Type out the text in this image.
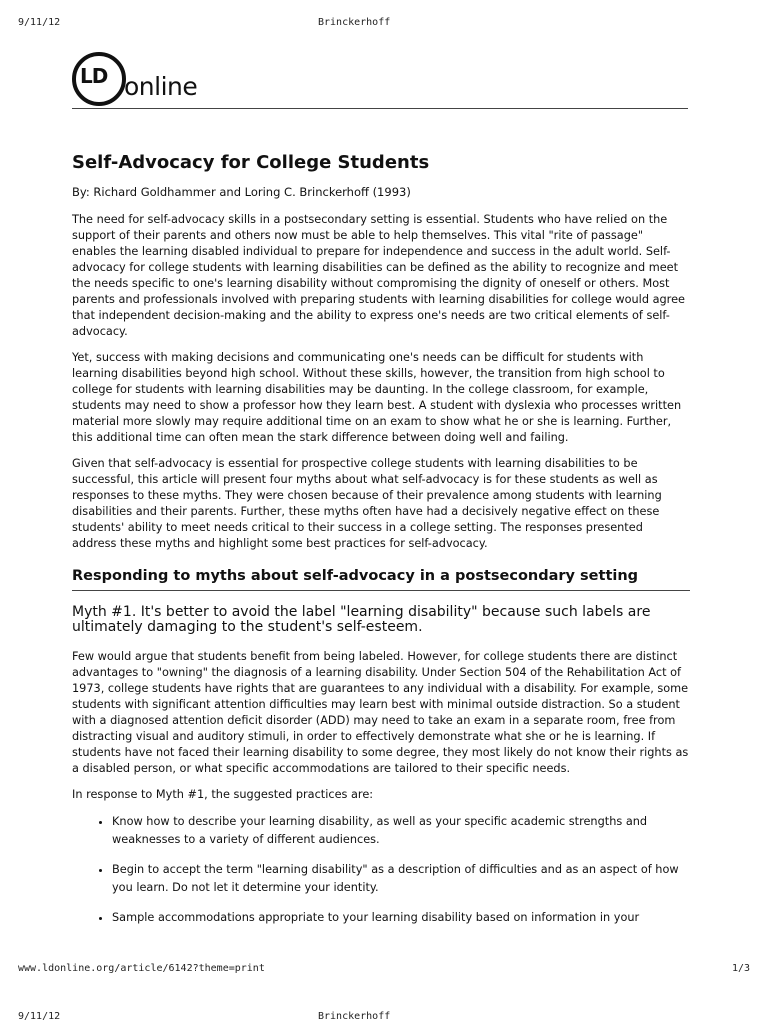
9/11/12	Brinckerhoff
LD online
Self-Advocacy for College Students
By: Richard Goldhammer and Loring C. Brinckerhoff (1993)

The need for self-advocacy skills in a postsecondary setting is essential. Students who have relied on the support of their parents and others now must be able to help themselves. This vital "rite of passage" enables the learning disabled individual to prepare for independence and success in the adult world. Self-advocacy for college students with learning disabilities can be defined as the ability to recognize and meet the needs specific to one's learning disability without compromising the dignity of oneself or others. Most parents and professionals involved with preparing students with learning disabilities for college would agree that independent decision-making and the ability to express one's needs are two critical elements of self-advocacy.

Yet, success with making decisions and communicating one's needs can be difficult for students with learning disabilities beyond high school. Without these skills, however, the transition from high school to college for students with learning disabilities may be daunting. In the college classroom, for example, students may need to show a professor how they learn best. A student with dyslexia who processes written material more slowly may require additional time on an exam to show what he or she is learning. Further, this additional time can often mean the stark difference between doing well and failing.

Given that self-advocacy is essential for prospective college students with learning disabilities to be successful, this article will present four myths about what self-advocacy is for these students as well as responses to these myths. They were chosen because of their prevalence among students with learning disabilities and their parents. Further, these myths often have had a decisively negative effect on these students' ability to meet needs critical to their success in a college setting. The responses presented address these myths and highlight some best practices for self-advocacy.

Responding to myths about self-advocacy in a postsecondary setting
Myth #1. It's better to avoid the label "learning disability" because such labels are ultimately damaging to the student's self-esteem.

Few would argue that students benefit from being labeled. However, for college students there are distinct advantages to "owning" the diagnosis of a learning disability. Under Section 504 of the Rehabilitation Act of 1973, college students have rights that are guarantees to any individual with a disability. For example, some students with significant attention difficulties may learn best with minimal outside distraction. So a student with a diagnosed attention deficit disorder (ADD) may need to take an exam in a separate room, free from distracting visual and auditory stimuli, in order to effectively demonstrate what she or he is learning. If students have not faced their learning disability to some degree, they most likely do not know their rights as a disabled person, or what specific accommodations are tailored to their specific needs.

In response to Myth #1, the suggested practices are:

• Know how to describe your learning disability, as well as your specific academic strengths and weaknesses to a variety of different audiences.
• Begin to accept the term "learning disability" as a description of difficulties and as an aspect of how you learn. Do not let it determine your identity.
• Sample accommodations appropriate to your learning disability based on information in your
www.ldonline.org/article/6142?theme=print	1/3
9/11/12	Brinckerhoff
